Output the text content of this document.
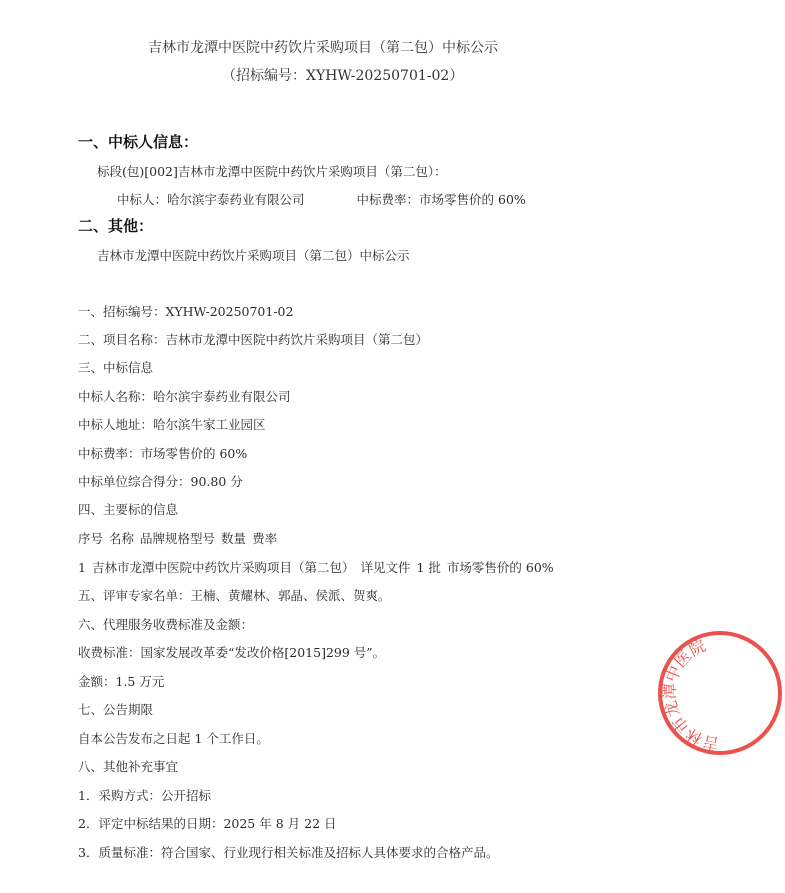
吉林市龙潭中医院中药饮片采购项目（第二包）中标公示
（招标编号：XYHW-20250701-02）
一、中标人信息：
标段(包)[002]吉林市龙潭中医院中药饮片采购项目（第二包）：
中标人：哈尔滨宇泰药业有限公司	中标费率：市场零售价的 60%
二、其他：
吉林市龙潭中医院中药饮片采购项目（第二包）中标公示
一、招标编号：XYHW-20250701-02
二、项目名称：吉林市龙潭中医院中药饮片采购项目（第二包）
三、中标信息
中标人名称：哈尔滨宇泰药业有限公司
中标人地址：哈尔滨牛家工业园区
中标费率：市场零售价的 60%
中标单位综合得分：90.80 分
四、主要标的信息
序号 名称 品牌规格型号 数量 费率
1 吉林市龙潭中医院中药饮片采购项目（第二包） 详见文件 1 批 市场零售价的 60%
五、评审专家名单：王楠、黄耀林、郭晶、侯派、贺爽。
六、代理服务收费标准及金额：
收费标准：国家发展改革委“发改价格[2015]299 号”。
金额：1.5 万元
七、公告期限
自本公告发布之日起 1 个工作日。
八、其他补充事宜
1．采购方式：公开招标
2．评定中标结果的日期：2025 年 8 月 22 日
3．质量标准：符合国家、行业现行相关标准及招标人具体要求的合格产品。
吉林市龙潭中医院
